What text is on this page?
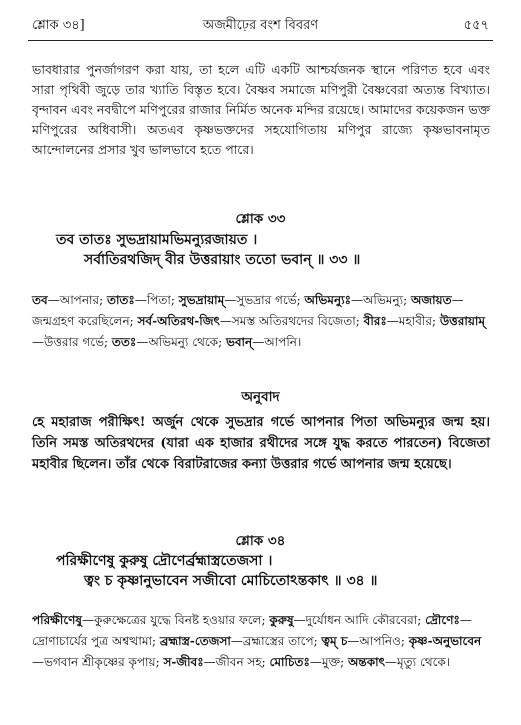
শ্লোক ৩৪]	অজমীঢ়ের বংশ বিবরণ	৫৫৭
ভাবধারার পুনর্জাগরণ করা যায়, তা হলে এটি একটি আশ্চর্যজনক স্থানে পরিণত হবে এবং সারা পৃথিবী জুড়ে তার খ্যাতি বিস্তৃত হবে। বৈষ্ণব সমাজে মণিপুরী বৈষ্ণবেরা অত্যন্ত বিখ্যাত। বৃন্দাবন এবং নবদ্বীপে মণিপুরের রাজার নির্মিত অনেক মন্দির রয়েছে। আমাদের কয়েকজন ভক্ত মণিপুরের অধিবাসী। অতএব কৃষ্ণভক্তদের সহযোগিতায় মণিপুর রাজ্যে কৃষ্ণভাবনামৃত আন্দোলনের প্রসার খুব ভালভাবে হতে পারে।
শ্লোক ৩৩
তব তাতঃ সুভদ্রায়ামভিমন্যুরজায়ত ।
সর্বাতিরথজিদ্ বীর উত্তরায়াং ততো ভবান্ ॥ ৩৩ ॥
তব—আপনার; তাতঃ—পিতা; সুভদ্রায়াম্—সুভদ্রার গর্ভে; অভিমন্যুঃ—অভিমন্যু; অজায়ত—জন্মগ্রহণ করেছিলেন; সর্ব-অতিরথ-জিৎ—সমস্ত অতিরথদের বিজেতা; বীরঃ—মহাবীর; উত্তরায়াম্—উত্তরার গর্ভে; ততঃ—অভিমন্যু থেকে; ভবান্—আপনি।
অনুবাদ
হে মহারাজ পরীক্ষিৎ! অর্জুন থেকে সুভদ্রার গর্ভে আপনার পিতা অভিমন্যুর জন্ম হয়। তিনি সমস্ত অতিরথদের (যারা এক হাজার রথীদের সঙ্গে যুদ্ধ করতে পারতেন) বিজেতা মহাবীর ছিলেন। তাঁর থেকে বিরাটরাজের কন্যা উত্তরার গর্ভে আপনার জন্ম হয়েছে।
শ্লোক ৩৪
পরিক্ষীণেষু কুরুষু দ্রৌণের্ব্রহ্মাস্ত্রতেজসা ।
ত্বং চ কৃষ্ণানুভাবেন সজীবো মোচিতোঽন্তকাৎ ॥ ৩৪ ॥
পরিক্ষীণেষু—কুরুক্ষেত্রের যুদ্ধে বিনষ্ট হওয়ার ফলে; কুরুষু—দুর্যোধন আদি কৌরবেরা; দ্রৌণেঃ—দ্রোণাচার্যের পুত্র অশ্বত্থামা; ব্রহ্মাস্ত্র-তেজসা—ব্রহ্মাস্ত্রের তাপে; ত্বম্ চ—আপনিও; কৃষ্ণ-অনুভাবেন—ভগবান শ্রীকৃষ্ণের কৃপায়; স-জীবঃ—জীবন সহ; মোচিতঃ—মুক্ত; অন্তকাৎ—মৃত্যু থেকে।
